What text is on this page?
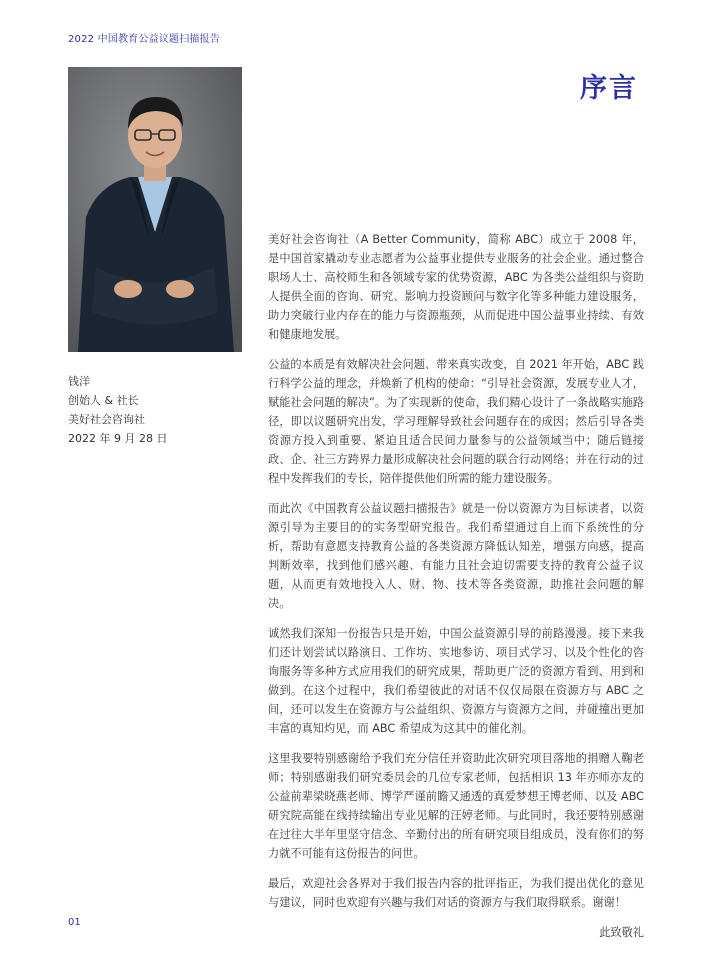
2022 中国教育公益议题扫描报告
序言
钱洋
创始人 & 社长
美好社会咨询社
2022 年 9 月 28 日

美好社会咨询社（A Better Community，简称 ABC）成立于 2008 年，是中国首家撬动专业志愿者为公益事业提供专业服务的社会企业。通过整合职场人士、高校师生和各领域专家的优势资源，ABC 为各类公益组织与资助人提供全面的咨询、研究、影响力投资顾问与数字化等多种能力建设服务，助力突破行业内存在的能力与资源瓶颈，从而促进中国公益事业持续、有效和健康地发展。

公益的本质是有效解决社会问题、带来真实改变，自 2021 年开始，ABC 践行科学公益的理念，并焕新了机构的使命：“引导社会资源，发展专业人才，赋能社会问题的解决”。为了实现新的使命，我们精心设计了一条战略实施路径，即以议题研究出发，学习理解导致社会问题存在的成因；然后引导各类资源方投入到重要、紧迫且适合民间力量参与的公益领域当中；随后链接政、企、社三方跨界力量形成解决社会问题的联合行动网络；并在行动的过程中发挥我们的专长，陪伴提供他们所需的能力建设服务。

而此次《中国教育公益议题扫描报告》就是一份以资源方为目标读者，以资源引导为主要目的的实务型研究报告。我们希望通过自上而下系统性的分析，帮助有意愿支持教育公益的各类资源方降低认知差，增强方向感，提高判断效率，找到他们感兴趣、有能力且社会迫切需要支持的教育公益子议题，从而更有效地投入人、财、物、技术等各类资源，助推社会问题的解决。

诚然我们深知一份报告只是开始，中国公益资源引导的前路漫漫。接下来我们还计划尝试以路演日、工作坊、实地参访、项目式学习、以及个性化的咨询服务等多种方式应用我们的研究成果，帮助更广泛的资源方看到、用到和做到。在这个过程中，我们希望彼此的对话不仅仅局限在资源方与 ABC 之间，还可以发生在资源方与公益组织、资源方与资源方之间，并碰撞出更加丰富的真知灼见，而 ABC 希望成为这其中的催化剂。

这里我要特别感谢给予我们充分信任并资助此次研究项目落地的捐赠人鞠老师；特别感谢我们研究委员会的几位专家老师，包括相识 13 年亦师亦友的公益前辈梁晓燕老师、博学严谨前瞻又通透的真爱梦想王博老师、以及 ABC 研究院高能在线持续输出专业见解的汪婷老师。与此同时，我还要特别感谢在过往大半年里坚守信念、辛勤付出的所有研究项目组成员，没有你们的努力就不可能有这份报告的问世。

最后，欢迎社会各界对于我们报告内容的批评指正，为我们提出优化的意见与建议，同时也欢迎有兴趣与我们对话的资源方与我们取得联系。谢谢！

此致敬礼
01
